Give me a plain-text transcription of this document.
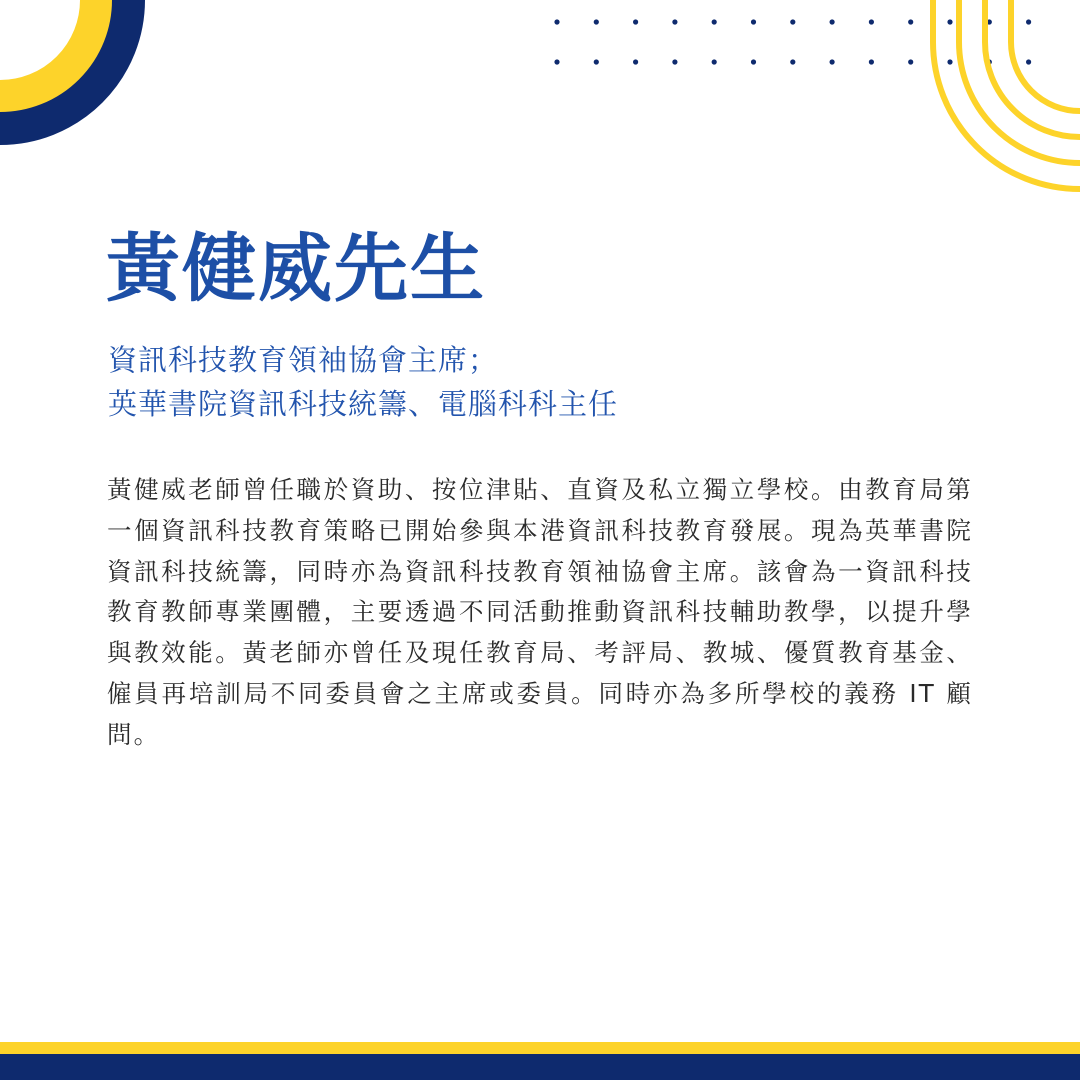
黃健威先生
資訊科技教育領袖協會主席；
英華書院資訊科技統籌、電腦科科主任

黃健威老師曾任職於資助、按位津貼、直資及私立獨立學校。由教育局第一個資訊科技教育策略已開始參與本港資訊科技教育發展。現為英華書院資訊科技統籌，同時亦為資訊科技教育領袖協會主席。該會為一資訊科技教育教師專業團體，主要透過不同活動推動資訊科技輔助教學，以提升學與教效能。黃老師亦曾任及現任教育局、考評局、教城、優質教育基金、僱員再培訓局不同委員會之主席或委員。同時亦為多所學校的義務 IT 顧問。
